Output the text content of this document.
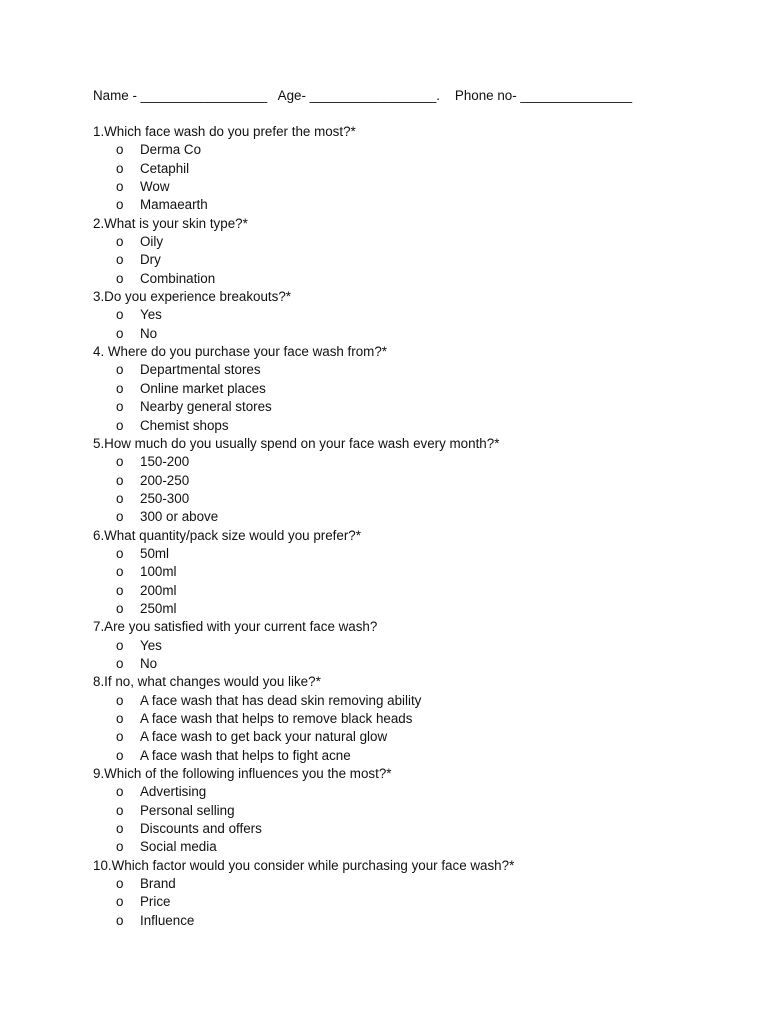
Name - _________________ Age- _________________. Phone no- _______________
1.Which face wash do you prefer the most?*
o	Derma Co
o	Cetaphil
o	Wow
o	Mamaearth
2.What is your skin type?*
o	Oily
o	Dry
o	Combination
3.Do you experience breakouts?*
o	Yes
o	No
4. Where do you purchase your face wash from?*
o	Departmental stores
o	Online market places
o	Nearby general stores
o	Chemist shops
5.How much do you usually spend on your face wash every month?*
o	150-200
o	200-250
o	250-300
o	300 or above
6.What quantity/pack size would you prefer?*
o	50ml
o	100ml
o	200ml
o	250ml
7.Are you satisfied with your current face wash?
o	Yes
o	No
8.If no, what changes would you like?*
o	A face wash that has dead skin removing ability
o	A face wash that helps to remove black heads
o	A face wash to get back your natural glow
o	A face wash that helps to fight acne
9.Which of the following influences you the most?*
o	Advertising
o	Personal selling
o	Discounts and offers
o	Social media
10.Which factor would you consider while purchasing your face wash?*
o	Brand
o	Price
o	Influence
